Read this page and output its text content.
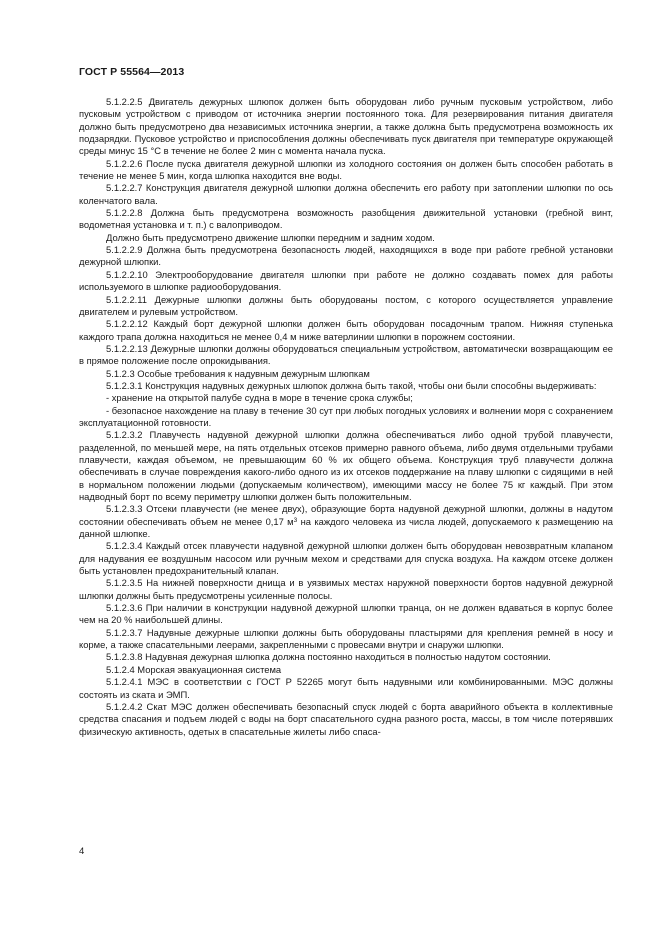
ГОСТ Р 55564—2013

5.1.2.2.5 Двигатель дежурных шлюпок должен быть оборудован либо ручным пусковым устройством, либо пусковым устройством с приводом от источника энергии постоянного тока. Для резервирования питания двигателя должно быть предусмотрено два независимых источника энергии, а также должна быть предусмотрена возможность их подзарядки. Пусковое устройство и приспособления должны обеспечивать пуск двигателя при температуре окружающей среды минус 15 °С в течение не более 2 мин с момента начала пуска.

5.1.2.2.6 После пуска двигателя дежурной шлюпки из холодного состояния он должен быть способен работать в течение не менее 5 мин, когда шлюпка находится вне воды.

5.1.2.2.7 Конструкция двигателя дежурной шлюпки должна обеспечить его работу при затоплении шлюпки по ось коленчатого вала.

5.1.2.2.8 Должна быть предусмотрена возможность разобщения движительной установки (гребной винт, водометная установка и т. п.) с валоприводом.

Должно быть предусмотрено движение шлюпки передним и задним ходом.

5.1.2.2.9 Должна быть предусмотрена безопасность людей, находящихся в воде при работе гребной установки дежурной шлюпки.

5.1.2.2.10 Электрооборудование двигателя шлюпки при работе не должно создавать помех для работы используемого в шлюпке радиооборудования.

5.1.2.2.11 Дежурные шлюпки должны быть оборудованы постом, с которого осуществляется управление двигателем и рулевым устройством.

5.1.2.2.12 Каждый борт дежурной шлюпки должен быть оборудован посадочным трапом. Нижняя ступенька каждого трапа должна находиться не менее 0,4 м ниже ватерлинии шлюпки в порожнем состоянии.

5.1.2.2.13 Дежурные шлюпки должны оборудоваться специальным устройством, автоматически возвращающим ее в прямое положение после опрокидывания.

5.1.2.3 Особые требования к надувным дежурным шлюпкам

5.1.2.3.1 Конструкция надувных дежурных шлюпок должна быть такой, чтобы они были способны выдерживать:

- хранение на открытой палубе судна в море в течение срока службы;

- безопасное нахождение на плаву в течение 30 сут при любых погодных условиях и волнении моря с сохранением эксплуатационной готовности.

5.1.2.3.2 Плавучесть надувной дежурной шлюпки должна обеспечиваться либо одной трубой плавучести, разделенной, по меньшей мере, на пять отдельных отсеков примерно равного объема, либо двумя отдельными трубами плавучести, каждая объемом, не превышающим 60 % их общего объема. Конструкция труб плавучести должна обеспечивать в случае повреждения какого-либо одного из их отсеков поддержание на плаву шлюпки с сидящими в ней в нормальном положении людьми (допускаемым количеством), имеющими массу не более 75 кг каждый. При этом надводный борт по всему периметру шлюпки должен быть положительным.

5.1.2.3.3 Отсеки плавучести (не менее двух), образующие борта надувной дежурной шлюпки, должны в надутом состоянии обеспечивать объем не менее 0,17 $м^3$ на каждого человека из числа людей, допускаемого к размещению на данной шлюпке.

5.1.2.3.4 Каждый отсек плавучести надувной дежурной шлюпки должен быть оборудован невозвратным клапаном для надувания ее воздушным насосом или ручным мехом и средствами для спуска воздуха. На каждом отсеке должен быть установлен предохранительный клапан.

5.1.2.3.5 На нижней поверхности днища и в уязвимых местах наружной поверхности бортов надувной дежурной шлюпки должны быть предусмотрены усиленные полосы.

5.1.2.3.6 При наличии в конструкции надувной дежурной шлюпки транца, он не должен вдаваться в корпус более чем на 20 % наибольшей длины.

5.1.2.3.7 Надувные дежурные шлюпки должны быть оборудованы пластырями для крепления ремней в носу и корме, а также спасательными леерами, закрепленными с провесами внутри и снаружи шлюпки.

5.1.2.3.8 Надувная дежурная шлюпка должна постоянно находиться в полностью надутом состоянии.

5.1.2.4 Морская эвакуационная система

5.1.2.4.1 МЭС в соответствии с ГОСТ Р 52265 могут быть надувными или комбинированными. МЭС должны состоять из ската и ЭМП.

5.1.2.4.2 Скат МЭС должен обеспечивать безопасный спуск людей с борта аварийного объекта в коллективные средства спасания и подъем людей с воды на борт спасательного судна разного роста, массы, в том числе потерявших физическую активность, одетых в спасательные жилеты либо спаса-

4
